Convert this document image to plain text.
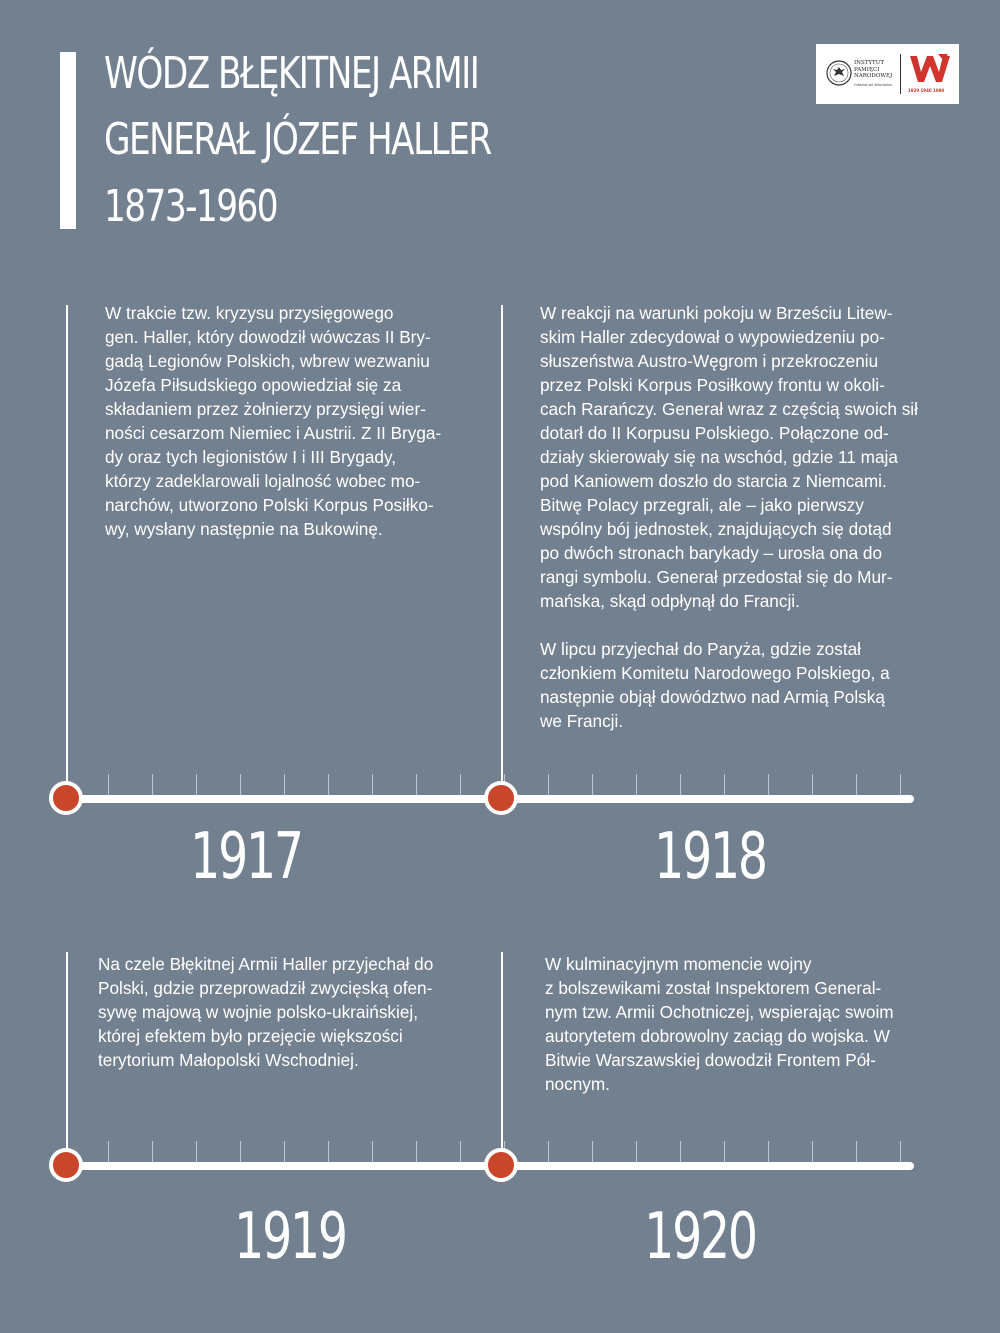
WÓDZ BŁĘKITNEJ ARMII
GENERAŁ JÓZEF HALLER
1873-1960
INSTYTUT
PAMIĘCI
NARODOWEJ
Oddział we Wrocławiu
1920 1940 1980
W trakcie tzw. kryzysu przysięgowego
gen. Haller, który dowodził wówczas II Bry-
gadą Legionów Polskich, wbrew wezwaniu
Józefa Piłsudskiego opowiedział się za
składaniem przez żołnierzy przysięgi wier-
ności cesarzom Niemiec i Austrii. Z II Bryga-
dy oraz tych legionistów I i III Brygady,
którzy zadeklarowali lojalność wobec mo-
narchów, utworzono Polski Korpus Posiłko-
wy, wysłany następnie na Bukowinę.
W reakcji na warunki pokoju w Brześciu Litew-
skim Haller zdecydował o wypowiedzeniu po-
słuszeństwa Austro-Węgrom i przekroczeniu
przez Polski Korpus Posiłkowy frontu w okoli-
cach Rarańczy. Generał wraz z częścią swoich sił
dotarł do II Korpusu Polskiego. Połączone od-
działy skierowały się na wschód, gdzie 11 maja
pod Kaniowem doszło do starcia z Niemcami.
Bitwę Polacy przegrali, ale – jako pierwszy
wspólny bój jednostek, znajdujących się dotąd
po dwóch stronach barykady – urosła ona do
rangi symbolu. Generał przedostał się do Mur-
mańska, skąd odpłynął do Francji.

W lipcu przyjechał do Paryża, gdzie został
członkiem Komitetu Narodowego Polskiego, a
następnie objął dowództwo nad Armią Polską
we Francji.
Na czele Błękitnej Armii Haller przyjechał do
Polski, gdzie przeprowadził zwycięską ofen-
sywę majową w wojnie polsko-ukraińskiej,
której efektem było przejęcie większości
terytorium Małopolski Wschodniej.
W kulminacyjnym momencie wojny
z bolszewikami został Inspektorem General-
nym tzw. Armii Ochotniczej, wspierając swoim
autorytetem dobrowolny zaciąg do wojska. W
Bitwie Warszawskiej dowodził Frontem Pół-
nocnym.
1917	1918
1919	1920
